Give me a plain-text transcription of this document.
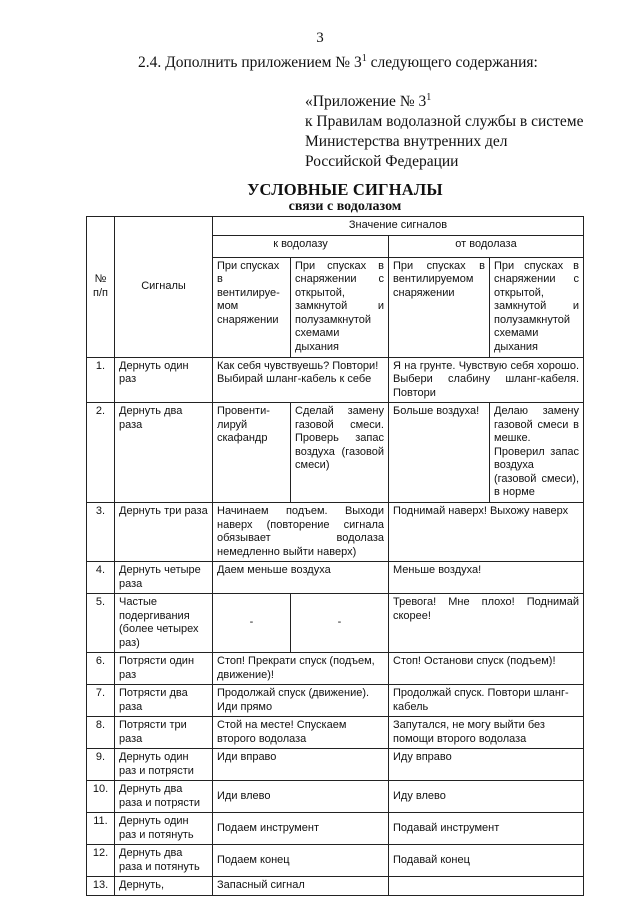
3
2.4. Дополнить приложением № $3^1$ следующего содержания:
«Приложение № $3^1$
к Правилам водолазной службы в системе
Министерства внутренних дел
Российской Федерации
УСЛОВНЫЕ СИГНАЛЫ
связи с водолазом
№ п/п	Сигналы	Значение сигналов			
		к водолазу		от водолаза	
		При спусках в вентилируе-мом снаряжении	При спусках в снаряжении с открытой, замкнутой и полузамкнутой схемами дыхания	При спусках в вентилируемом снаряжении	При спусках в снаряжении с открытой, замкнутой и полузамкнутой схемами дыхания
1.	Дернуть один раз	Как себя чувствуешь? Повтори! Выбирай шланг-кабель к себе		Я на грунте. Чувствую себя хорошо. Выбери слабину шланг-кабеля. Повтори	
2.	Дернуть два раза	Провенти-лируй скафандр	Сделай замену газовой смеси. Проверь запас воздуха (газовой смеси)	Больше воздуха!	Делаю замену газовой смеси в мешке. Проверил запас воздуха (газовой смеси), в норме
3.	Дернуть три раза	Начинаем подъем. Выходи наверх (повторение сигнала обязывает водолаза немедленно выйти наверх)		Поднимай наверх! Выхожу наверх	
4.	Дернуть четыре раза	Даем меньше воздуха		Меньше воздуха!	
5.	Частые подергивания (более четырех раз)	-	-	Тревога! Мне плохо! Поднимай скорее!	
6.	Потрясти один раз	Стоп! Прекрати спуск (подъем, движение)!		Стоп! Останови спуск (подъем)!	
7.	Потрясти два раза	Продолжай спуск (движение). Иди прямо		Продолжай спуск. Повтори шланг-кабель	
8.	Потрясти три раза	Стой на месте! Спускаем второго водолаза		Запутался, не могу выйти без помощи второго водолаза	
9.	Дернуть один раз и потрясти	Иди вправо		Иду вправо	
10.	Дернуть два раза и потрясти	Иди влево		Иду влево	
11.	Дернуть один раз и потянуть	Подаем инструмент		Подавай инструмент	
12.	Дернуть два раза и потянуть	Подаем конец		Подавай конец	
13.	Дернуть,	Запасный сигнал			
